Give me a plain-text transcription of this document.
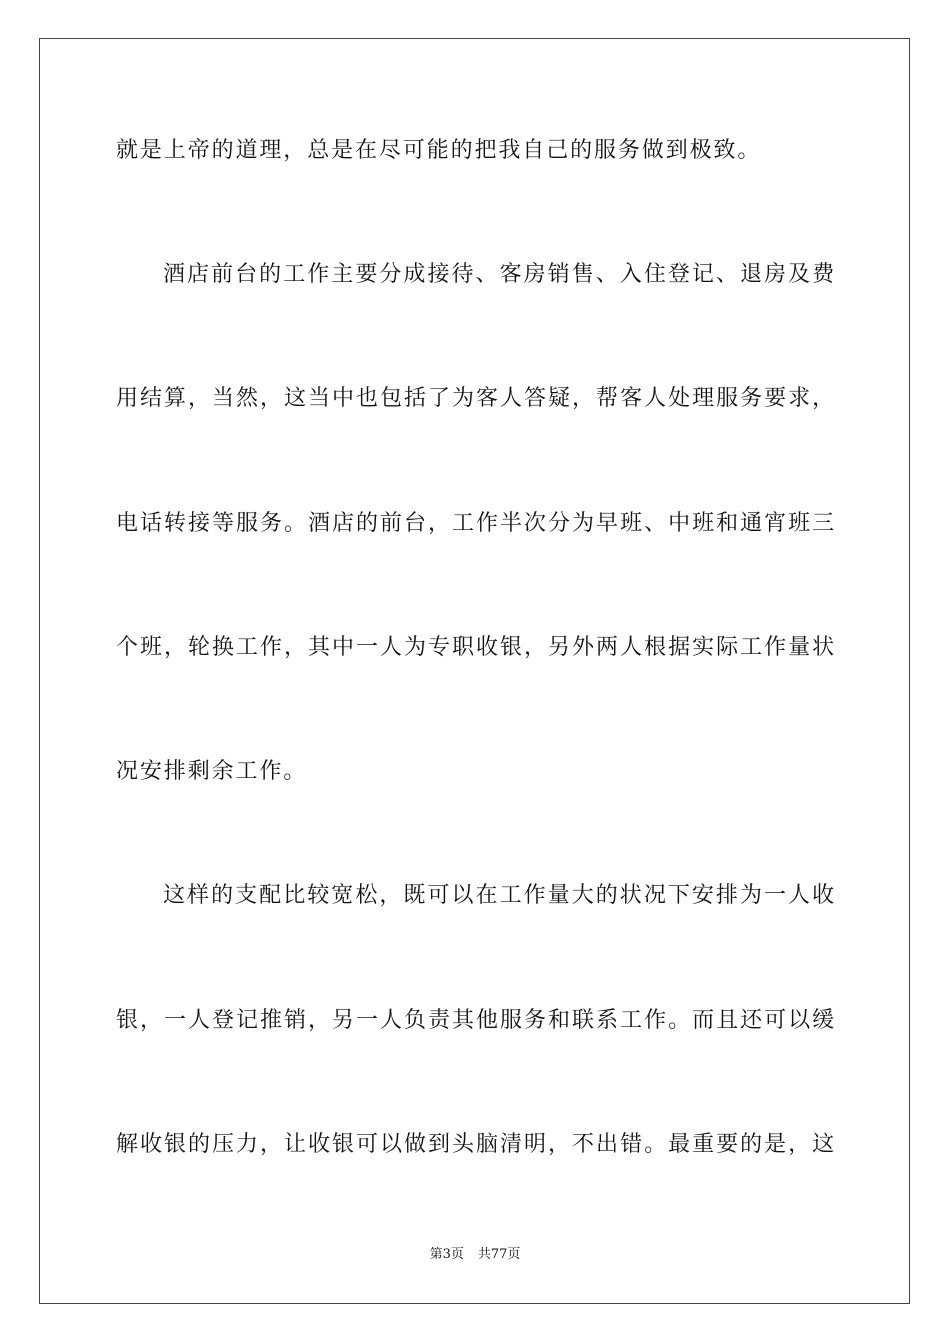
就是上帝的道理，总是在尽可能的把我自己的服务做到极致。
酒店前台的工作主要分成接待、客房销售、入住登记、退房及费
用结算，当然，这当中也包括了为客人答疑，帮客人处理服务要求，
电话转接等服务。酒店的前台，工作半次分为早班、中班和通宵班三
个班，轮换工作，其中一人为专职收银，另外两人根据实际工作量状
况安排剩余工作。
这样的支配比较宽松，既可以在工作量大的状况下安排为一人收
银，一人登记推销，另一人负责其他服务和联系工作。而且还可以缓
解收银的压力，让收银可以做到头脑清明，不出错。最重要的是，这
第3页 共77页
